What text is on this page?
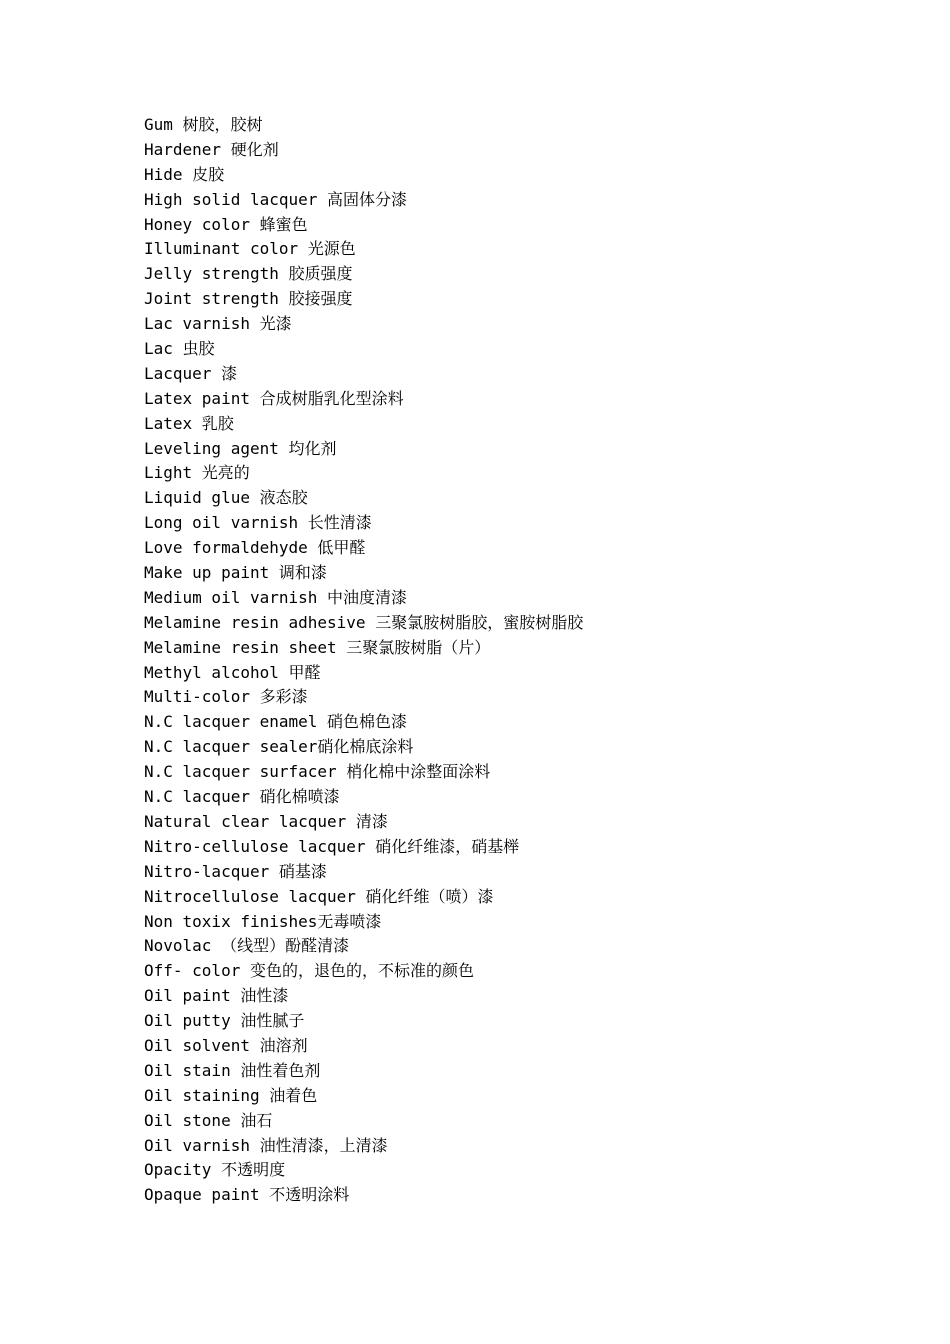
Gum 树胶，胶树
Hardener 硬化剂
Hide 皮胶
High solid lacquer 高固体分漆
Honey color 蜂蜜色
Illuminant color 光源色
Jelly strength 胶质强度
Joint strength 胶接强度
Lac varnish 光漆
Lac 虫胶
Lacquer 漆
Latex paint 合成树脂乳化型涂料
Latex 乳胶
Leveling agent 均化剂
Light 光亮的
Liquid glue 液态胶
Long oil varnish 长性清漆
Love formaldehyde 低甲醛
Make up paint 调和漆
Medium oil varnish 中油度清漆
Melamine resin adhesive 三聚氯胺树脂胶，蜜胺树脂胶
Melamine resin sheet 三聚氯胺树脂（片）
Methyl alcohol 甲醛
Multi-color 多彩漆
N.C lacquer enamel 硝色棉色漆
N.C lacquer sealer硝化棉底涂料
N.C lacquer surfacer 梢化棉中涂整面涂料
N.C lacquer 硝化棉喷漆
Natural clear lacquer 清漆
Nitro-cellulose lacquer 硝化纤维漆，硝基榉
Nitro-lacquer 硝基漆
Nitrocellulose lacquer 硝化纤维（喷）漆
Non toxix finishes无毒喷漆
Novolac （线型）酚醛清漆
Off- color 变色的，退色的，不标准的颜色
Oil paint 油性漆
Oil putty 油性腻子
Oil solvent 油溶剂
Oil stain 油性着色剂
Oil staining 油着色
Oil stone 油石
Oil varnish 油性清漆，上清漆
Opacity 不透明度
Opaque paint 不透明涂料
